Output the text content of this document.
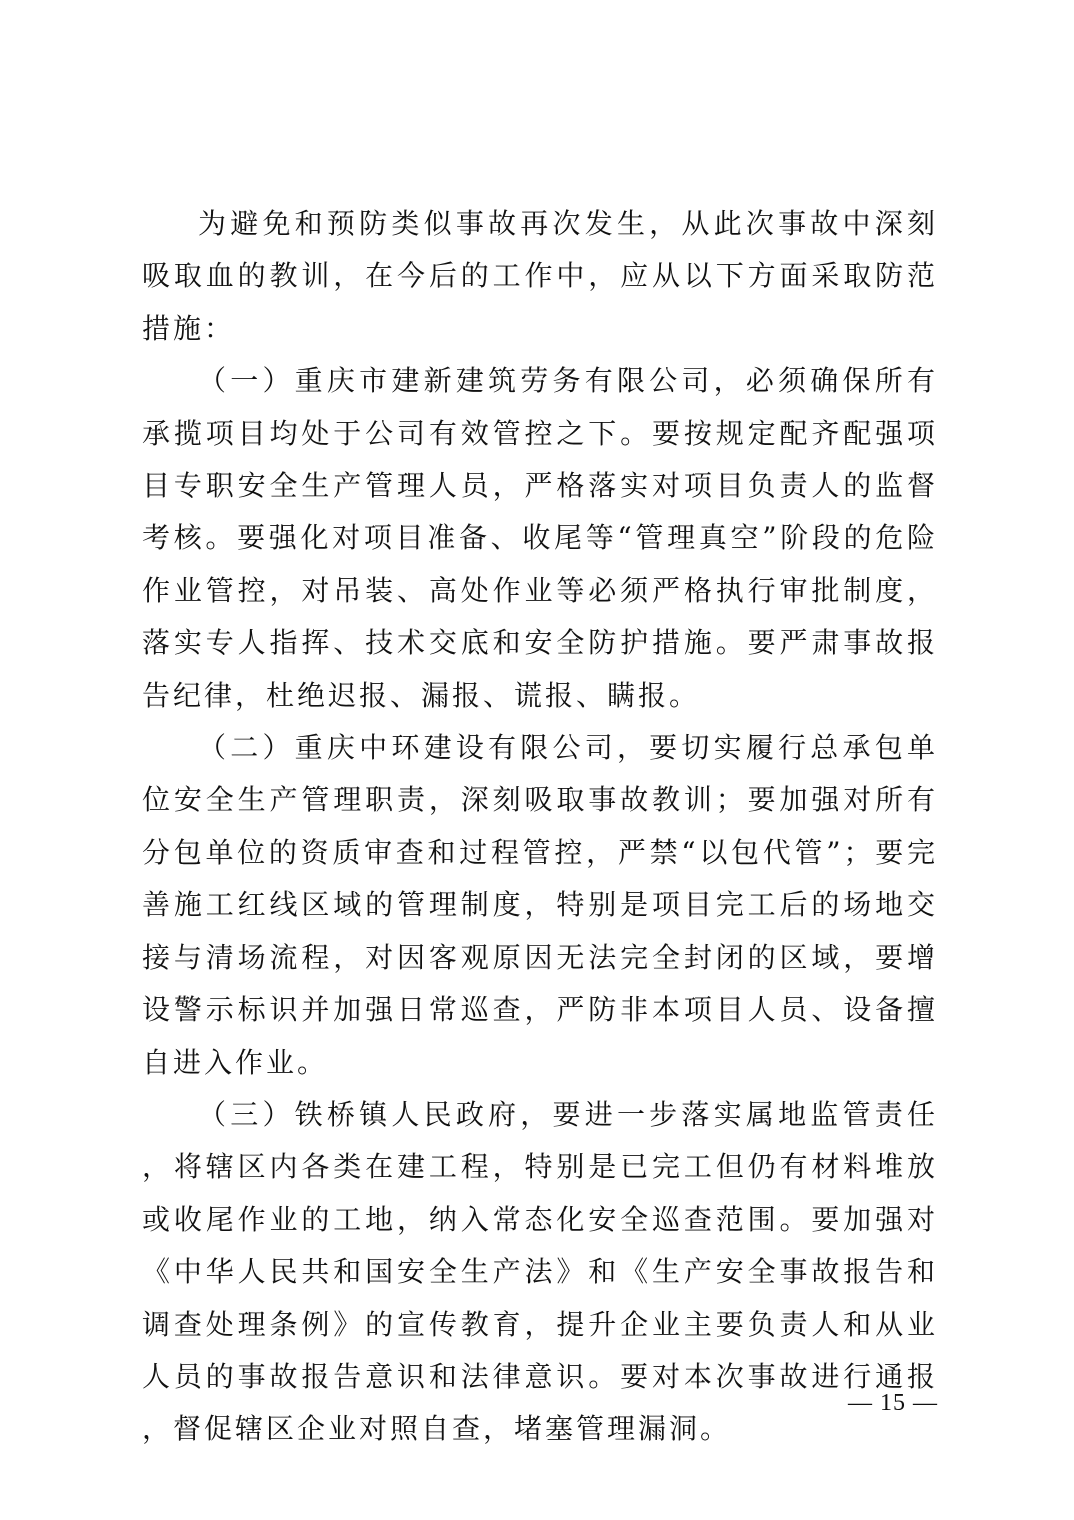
为避免和预防类似事故再次发生，从此次事故中深刻吸取血的教训，在今后的工作中，应从以下方面采取防范措施：

（一）重庆市建新建筑劳务有限公司，必须确保所有承揽项目均处于公司有效管控之下。要按规定配齐配强项目专职安全生产管理人员，严格落实对项目负责人的监督考核。要强化对项目准备、收尾等“管理真空”阶段的危险作业管控，对吊装、高处作业等必须严格执行审批制度，落实专人指挥、技术交底和安全防护措施。要严肃事故报告纪律，杜绝迟报、漏报、谎报、瞒报。

（二）重庆中环建设有限公司，要切实履行总承包单位安全生产管理职责，深刻吸取事故教训；要加强对所有分包单位的资质审查和过程管控，严禁“以包代管”；要完善施工红线区域的管理制度，特别是项目完工后的场地交接与清场流程，对因客观原因无法完全封闭的区域，要增设警示标识并加强日常巡查，严防非本项目人员、设备擅自进入作业。

（三）铁桥镇人民政府，要进一步落实属地监管责任，将辖区内各类在建工程，特别是已完工但仍有材料堆放或收尾作业的工地，纳入常态化安全巡查范围。要加强对《中华人民共和国安全生产法》和《生产安全事故报告和调查处理条例》的宣传教育，提升企业主要负责人和从业人员的事故报告意识和法律意识。要对本次事故进行通报，督促辖区企业对照自查，堵塞管理漏洞。

— 15 —
